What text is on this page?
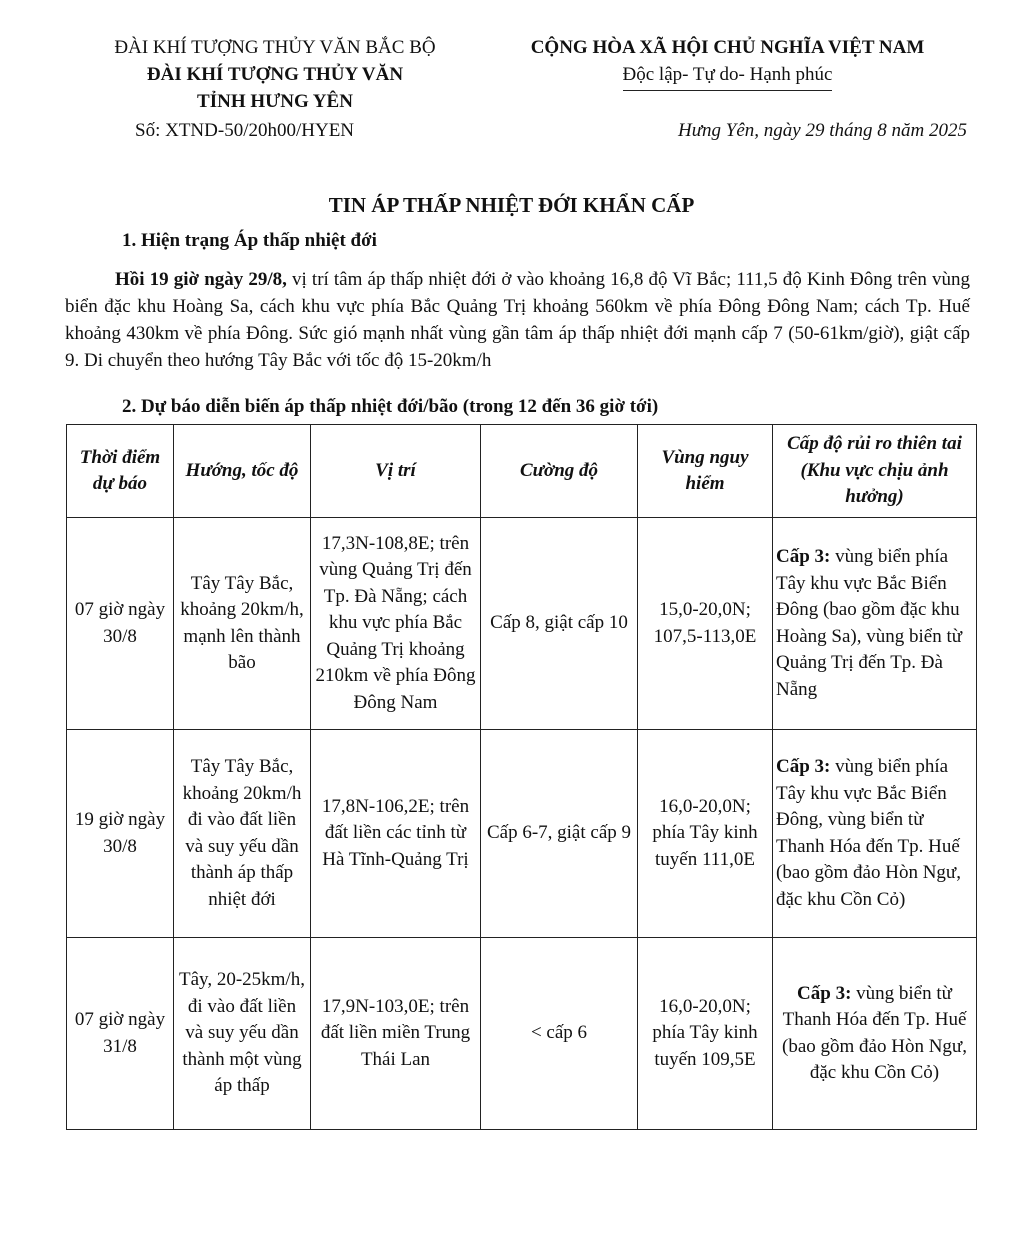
ĐÀI KHÍ TƯỢNG THỦY VĂN BẮC BỘ
ĐÀI KHÍ TƯỢNG THỦY VĂN
TỈNH HƯNG YÊN
CỘNG HÒA XÃ HỘI CHỦ NGHĨA VIỆT NAM
Độc lập- Tự do- Hạnh phúc
Số: XTND-50/20h00/HYEN	Hưng Yên, ngày 29 tháng 8 năm 2025
TIN ÁP THẤP NHIỆT ĐỚI KHẨN CẤP
1. Hiện trạng Áp thấp nhiệt đới
Hồi 19 giờ ngày 29/8, vị trí tâm áp thấp nhiệt đới ở vào khoảng 16,8 độ Vĩ Bắc; 111,5 độ Kinh Đông trên vùng biển đặc khu Hoàng Sa, cách khu vực phía Bắc Quảng Trị khoảng 560km về phía Đông Đông Nam; cách Tp. Huế khoảng 430km về phía Đông. Sức gió mạnh nhất vùng gần tâm áp thấp nhiệt đới mạnh cấp 7 (50-61km/giờ), giật cấp 9. Di chuyển theo hướng Tây Bắc với tốc độ 15-20km/h
2. Dự báo diễn biến áp thấp nhiệt đới/bão (trong 12 đến 36 giờ tới)
Thời điểm dự báo	Hướng, tốc độ	Vị trí	Cường độ	Vùng nguy hiểm	Cấp độ rủi ro thiên tai (Khu vực chịu ảnh hưởng)
07 giờ ngày 30/8	Tây Tây Bắc, khoảng 20km/h, mạnh lên thành bão	17,3N-108,8E; trên vùng Quảng Trị đến Tp. Đà Nẵng; cách khu vực phía Bắc Quảng Trị khoảng 210km về phía Đông Đông Nam	Cấp 8, giật cấp 10	15,0-20,0N; 107,5-113,0E	Cấp 3: vùng biển phía Tây khu vực Bắc Biển Đông (bao gồm đặc khu Hoàng Sa), vùng biển từ Quảng Trị đến Tp. Đà Nẵng
19 giờ ngày 30/8	Tây Tây Bắc, khoảng 20km/h đi vào đất liền và suy yếu dần thành áp thấp nhiệt đới	17,8N-106,2E; trên đất liền các tỉnh từ Hà Tĩnh-Quảng Trị	Cấp 6-7, giật cấp 9	16,0-20,0N; phía Tây kinh tuyến 111,0E	Cấp 3: vùng biển phía Tây khu vực Bắc Biển Đông, vùng biển từ Thanh Hóa đến Tp. Huế (bao gồm đảo Hòn Ngư, đặc khu Cồn Cỏ)
07 giờ ngày 31/8	Tây, 20-25km/h, đi vào đất liền và suy yếu dần thành một vùng áp thấp	17,9N-103,0E; trên đất liền miền Trung Thái Lan	< cấp 6	16,0-20,0N; phía Tây kinh tuyến 109,5E	Cấp 3: vùng biển từ Thanh Hóa đến Tp. Huế (bao gồm đảo Hòn Ngư, đặc khu Cồn Cỏ)
